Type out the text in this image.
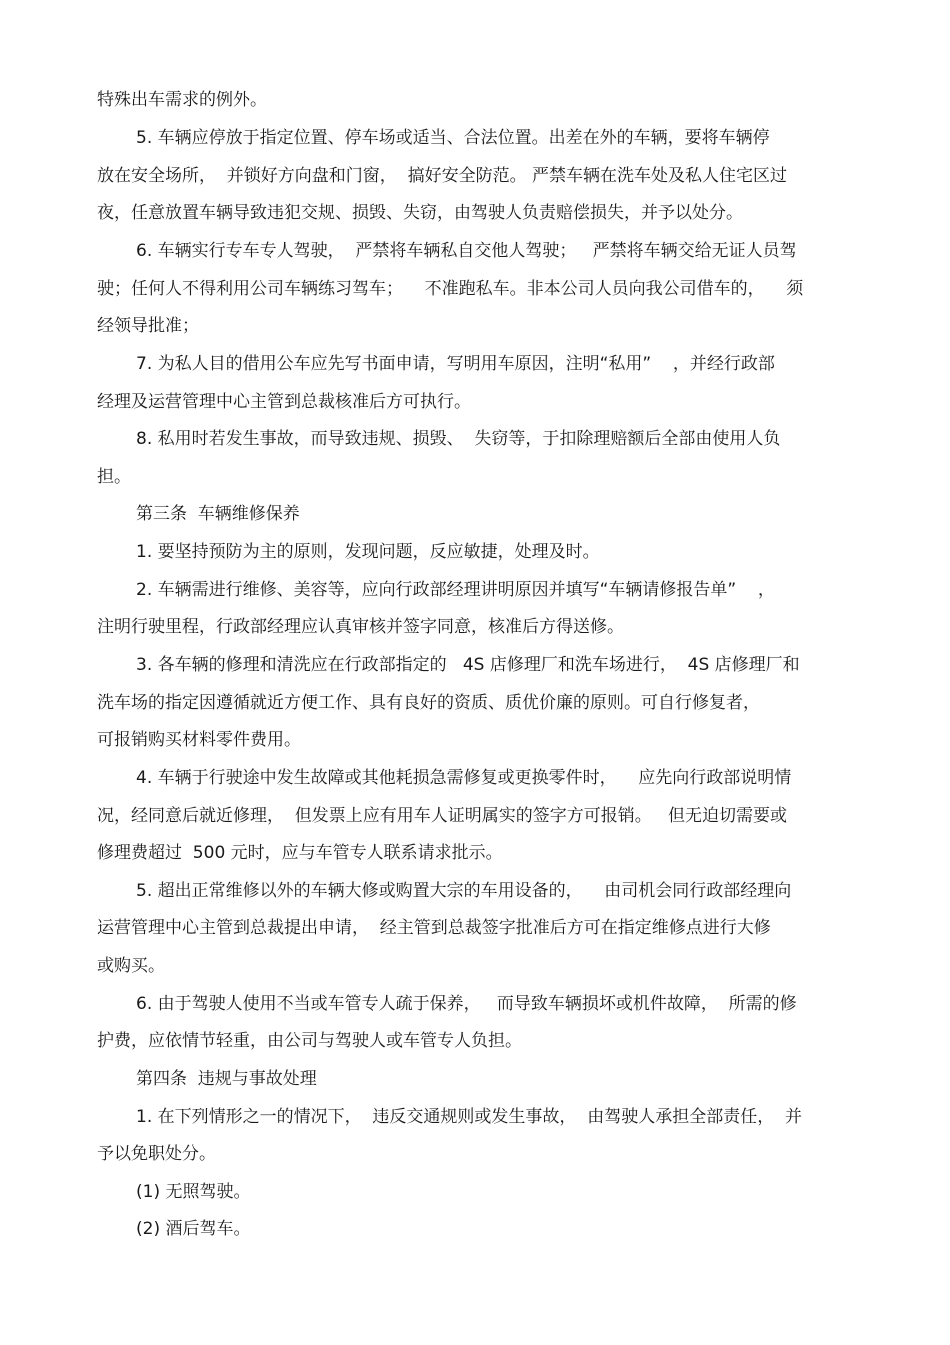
特殊出车需求的例外。
5. 车辆应停放于指定位置、停车场或适当、合法位置。出差在外的车辆，要将车辆停
放在安全场所，  并锁好方向盘和门窗，  搞好安全防范。 严禁车辆在洗车处及私人住宅区过
夜，任意放置车辆导致违犯交规、损毁、失窃，由驾驶人负责赔偿损失，并予以处分。
6. 车辆实行专车专人驾驶，  严禁将车辆私自交他人驾驶；   严禁将车辆交给无证人员驾
驶；任何人不得利用公司车辆练习驾车；    不准跑私车。非本公司人员向我公司借车的，    须
经领导批准；
7. 为私人目的借用公车应先写书面申请，写明用车原因，注明“私用”    ，并经行政部
经理及运营管理中心主管到总裁核准后方可执行。
8. 私用时若发生事故，而导致违规、损毁、  失窃等，于扣除理赔额后全部由使用人负
担。
第三条  车辆维修保养
1. 要坚持预防为主的原则，发现问题，反应敏捷，处理及时。
2. 车辆需进行维修、美容等，应向行政部经理讲明原因并填写“车辆请修报告单”    ，
注明行驶里程，行政部经理应认真审核并签字同意，核准后方得送修。
3. 各车辆的修理和清洗应在行政部指定的   4S 店修理厂和洗车场进行，  4S 店修理厂和
洗车场的指定因遵循就近方便工作、具有良好的资质、质优价廉的原则。可自行修复者，
可报销购买材料零件费用。
4. 车辆于行驶途中发生故障或其他耗损急需修复或更换零件时，    应先向行政部说明情
况，经同意后就近修理，  但发票上应有用车人证明属实的签字方可报销。   但无迫切需要或
修理费超过  500 元时，应与车管专人联系请求批示。
5. 超出正常维修以外的车辆大修或购置大宗的车用设备的，    由司机会同行政部经理向
运营管理中心主管到总裁提出申请，  经主管到总裁签字批准后方可在指定维修点进行大修
或购买。
6. 由于驾驶人使用不当或车管专人疏于保养，   而导致车辆损坏或机件故障，  所需的修
护费，应依情节轻重，由公司与驾驶人或车管专人负担。
第四条  违规与事故处理
1. 在下列情形之一的情况下，  违反交通规则或发生事故，  由驾驶人承担全部责任，  并
予以免职处分。
(1) 无照驾驶。
(2) 酒后驾车。
